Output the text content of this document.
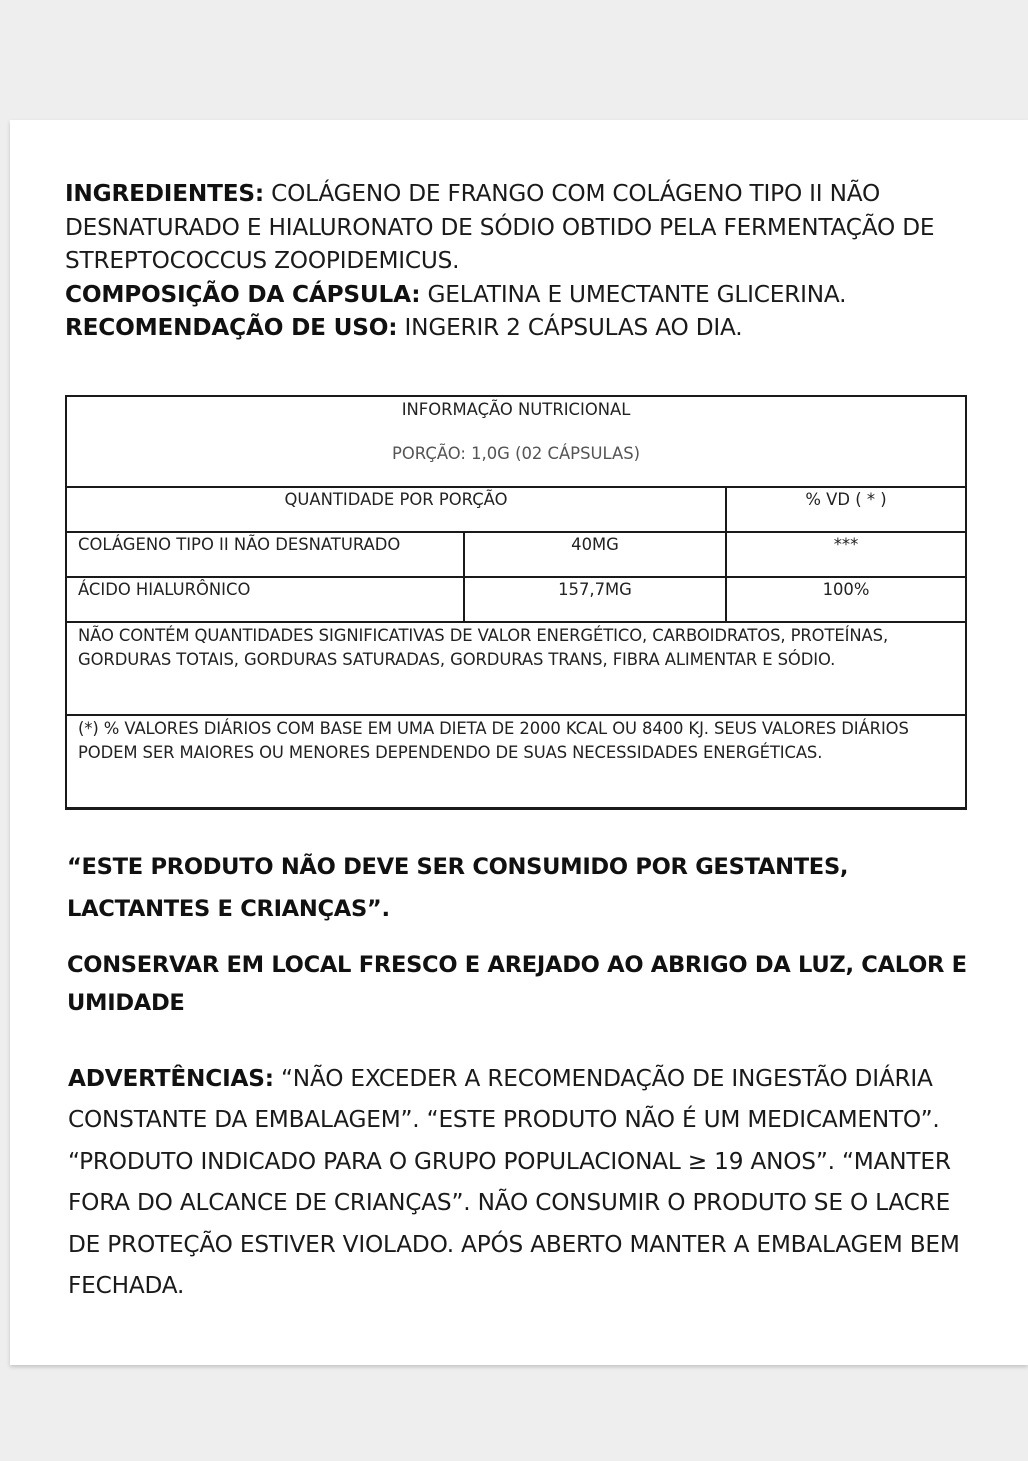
INGREDIENTES: COLÁGENO DE FRANGO COM COLÁGENO TIPO II NÃO DESNATURADO E HIALURONATO DE SÓDIO OBTIDO PELA FERMENTAÇÃO DE STREPTOCOCCUS ZOOPIDEMICUS.

COMPOSIÇÃO DA CÁPSULA: GELATINA E UMECTANTE GLICERINA.

RECOMENDAÇÃO DE USO: INGERIR 2 CÁPSULAS AO DIA.

INFORMAÇÃO NUTRICIONAL
PORÇÃO: 1,0G (02 CÁPSULAS)		

QUANTIDADE POR PORÇÃO		% VD ( * )
COLÁGENO TIPO II NÃO DESNATURADO	40MG	***
ÁCIDO HIALURÔNICO	157,7MG	100%
NÃO CONTÉM QUANTIDADES SIGNIFICATIVAS DE VALOR ENERGÉTICO, CARBOIDRATOS, PROTEÍNAS, GORDURAS TOTAIS, GORDURAS SATURADAS, GORDURAS TRANS, FIBRA ALIMENTAR E SÓDIO.		
(*) % VALORES DIÁRIOS COM BASE EM UMA DIETA DE 2000 KCAL OU 8400 KJ. SEUS VALORES DIÁRIOS PODEM SER MAIORES OU MENORES DEPENDENDO DE SUAS NECESSIDADES ENERGÉTICAS.		
“ESTE PRODUTO NÃO DEVE SER CONSUMIDO POR GESTANTES, LACTANTES E CRIANÇAS”.
CONSERVAR EM LOCAL FRESCO E AREJADO AO ABRIGO DA LUZ, CALOR E UMIDADE

ADVERTÊNCIAS: “NÃO EXCEDER A RECOMENDAÇÃO DE INGESTÃO DIÁRIA CONSTANTE DA EMBALAGEM”. “ESTE PRODUTO NÃO É UM MEDICAMENTO”. “PRODUTO INDICADO PARA O GRUPO POPULACIONAL ≥ 19 ANOS”. “MANTER FORA DO ALCANCE DE CRIANÇAS”. NÃO CONSUMIR O PRODUTO SE O LACRE DE PROTEÇÃO ESTIVER VIOLADO. APÓS ABERTO MANTER A EMBALAGEM BEM FECHADA.
